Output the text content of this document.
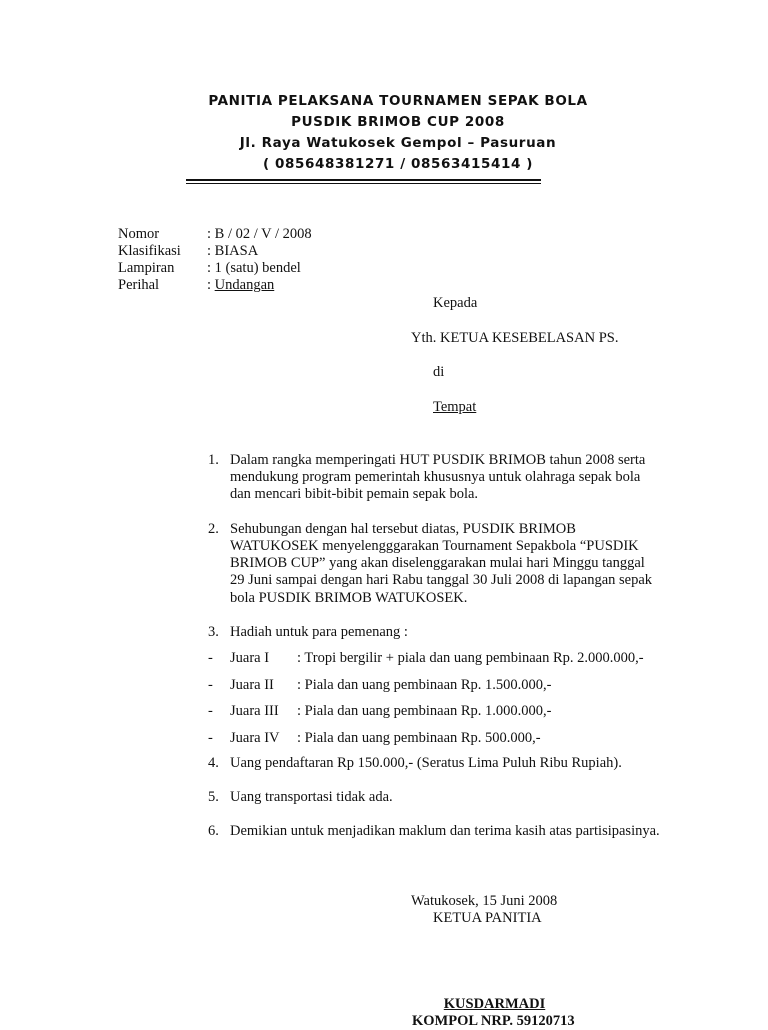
PANITIA PELAKSANA TOURNAMEN SEPAK BOLA
PUSDIK BRIMOB CUP 2008
Jl. Raya Watukosek Gempol – Pasuruan
( 085648381271 / 08563415414 )
Nomor	: B / 02 / V / 2008
Klasifikasi : BIASA
Lampiran : 1 (satu) bendel
Perihal	: Undangan
Kepada
Yth. KETUA KESEBELASAN PS.
di
Tempat
1. Dalam rangka memperingati HUT PUSDIK BRIMOB tahun 2008 serta
mendukung program pemerintah khususnya untuk olahraga sepak bola
dan mencari bibit-bibit pemain sepak bola.
2. Sehubungan dengan hal tersebut diatas, PUSDIK BRIMOB
WATUKOSEK menyelengggarakan Tournament Sepakbola “PUSDIK
BRIMOB CUP” yang akan diselenggarakan mulai hari Minggu tanggal
29 Juni sampai dengan hari Rabu tanggal 30 Juli 2008 di lapangan sepak
bola PUSDIK BRIMOB WATUKOSEK.
3. Hadiah untuk para pemenang :
- Juara I : Tropi bergilir + piala dan uang pembinaan Rp. 2.000.000,-
- Juara II : Piala dan uang pembinaan Rp. 1.500.000,-
- Juara III : Piala dan uang pembinaan Rp. 1.000.000,-
- Juara IV : Piala dan uang pembinaan Rp. 500.000,-
4. Uang pendaftaran Rp 150.000,- (Seratus Lima Puluh Ribu Rupiah).
5. Uang transportasi tidak ada.
6. Demikian untuk menjadikan maklum dan terima kasih atas partisipasinya.
Watukosek, 15 Juni 2008
KETUA PANITIA
KUSDARMADI
KOMPOL NRP. 59120713
